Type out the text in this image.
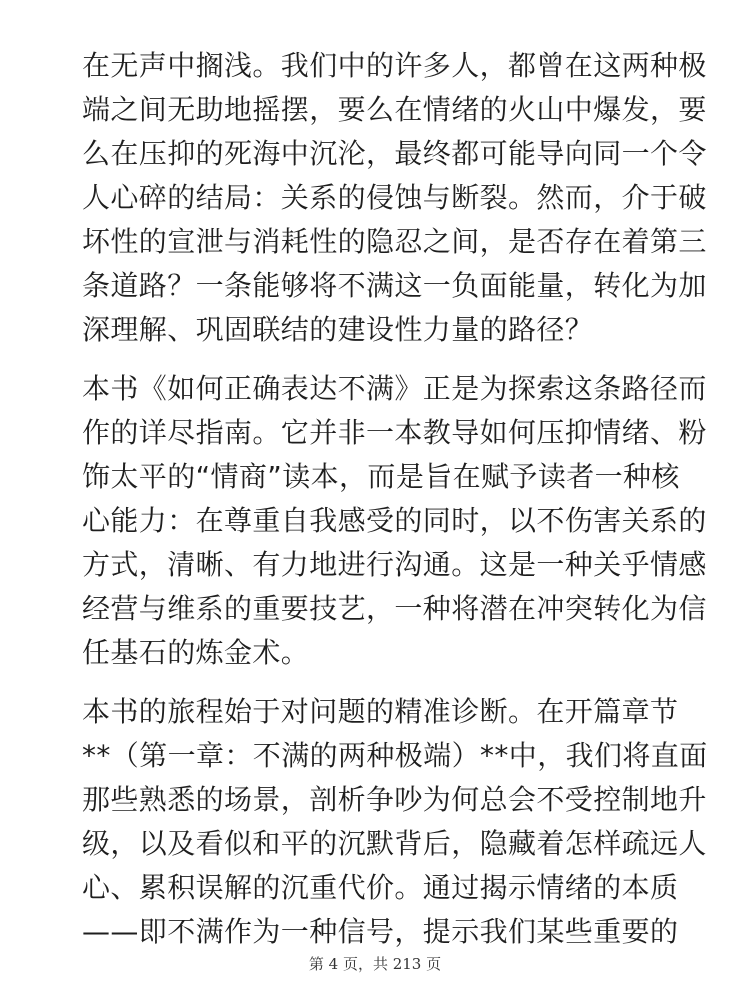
在无声中搁浅。我们中的许多人，都曾在这两种极
端之间无助地摇摆，要么在情绪的火山中爆发，要
么在压抑的死海中沉沦，最终都可能导向同一个令
人心碎的结局：关系的侵蚀与断裂。然而，介于破
坏性的宣泄与消耗性的隐忍之间，是否存在着第三
条道路？一条能够将不满这一负面能量，转化为加
深理解、巩固联结的建设性力量的路径？
本书《如何正确表达不满》正是为探索这条路径而
作的详尽指南。它并非一本教导如何压抑情绪、粉
饰太平的“情商”读本，而是旨在赋予读者一种核
心能力：在尊重自我感受的同时，以不伤害关系的
方式，清晰、有力地进行沟通。这是一种关乎情感
经营与维系的重要技艺，一种将潜在冲突转化为信
任基石的炼金术。
本书的旅程始于对问题的精准诊断。在开篇章节
**（第一章：不满的两种极端）**中，我们将直面
那些熟悉的场景，剖析争吵为何总会不受控制地升
级，以及看似和平的沉默背后，隐藏着怎样疏远人
心、累积误解的沉重代价。通过揭示情绪的本质
——即不满作为一种信号，提示我们某些重要的
第 4 页，共 213 页
